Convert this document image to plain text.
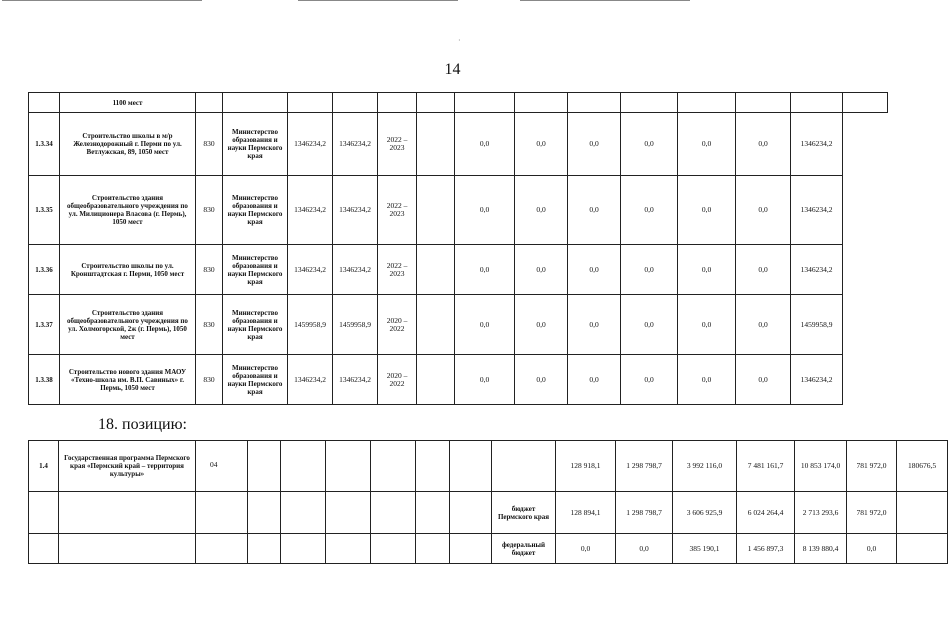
·
14
	1100 мест														
1.3.34	Строительство школы в м/р Железнодорожный г. Перми по ул. Ветлужская, 89, 1050 мест	830	Министерство образования и науки Пермского края	1346234,2	1346234,2	2022 – 2023		0,0	0,0	0,0	0,0	0,0	0,0	1346234,2	
1.3.35	Строительство здания общеобразовательного учреждения по ул. Милиционера Власова (г. Пермь), 1050 мест	830	Министерство образования и науки Пермского края	1346234,2	1346234,2	2022 – 2023		0,0	0,0	0,0	0,0	0,0	0,0	1346234,2	
1.3.36	Строительство школы по ул. Кронштадтская г. Перми, 1050 мест	830	Министерство образования и науки Пермского края	1346234,2	1346234,2	2022 – 2023		0,0	0,0	0,0	0,0	0,0	0,0	1346234,2	
1.3.37	Строительство здания общеобразовательного учреждения по ул. Холмогорской, 2ж (г. Пермь), 1050 мест	830	Министерство образования и науки Пермского края	1459958,9	1459958,9	2020 – 2022		0,0	0,0	0,0	0,0	0,0	0,0	1459958,9	
1.3.38	Строительство нового здания МАОУ «Техно-школа им. В.П. Савиных» г. Пермь, 1050 мест	830	Министерство образования и науки Пермского края	1346234,2	1346234,2	2020 – 2022		0,0	0,0	0,0	0,0	0,0	0,0	1346234,2	
18. позицию:
1.4	Государственная программа Пермского края «Пермский край – территория культуры»	04								128 918,1	1 298 798,7	3 992 116,0	7 481 161,7	10 853 174,0	781 972,0	180676,5
									бюджет Пермского края	128 894,1	1 298 798,7	3 606 925,9	6 024 264,4	2 713 293,6	781 972,0	
									федеральный бюджет	0,0	0,0	385 190,1	1 456 897,3	8 139 880,4	0,0	
